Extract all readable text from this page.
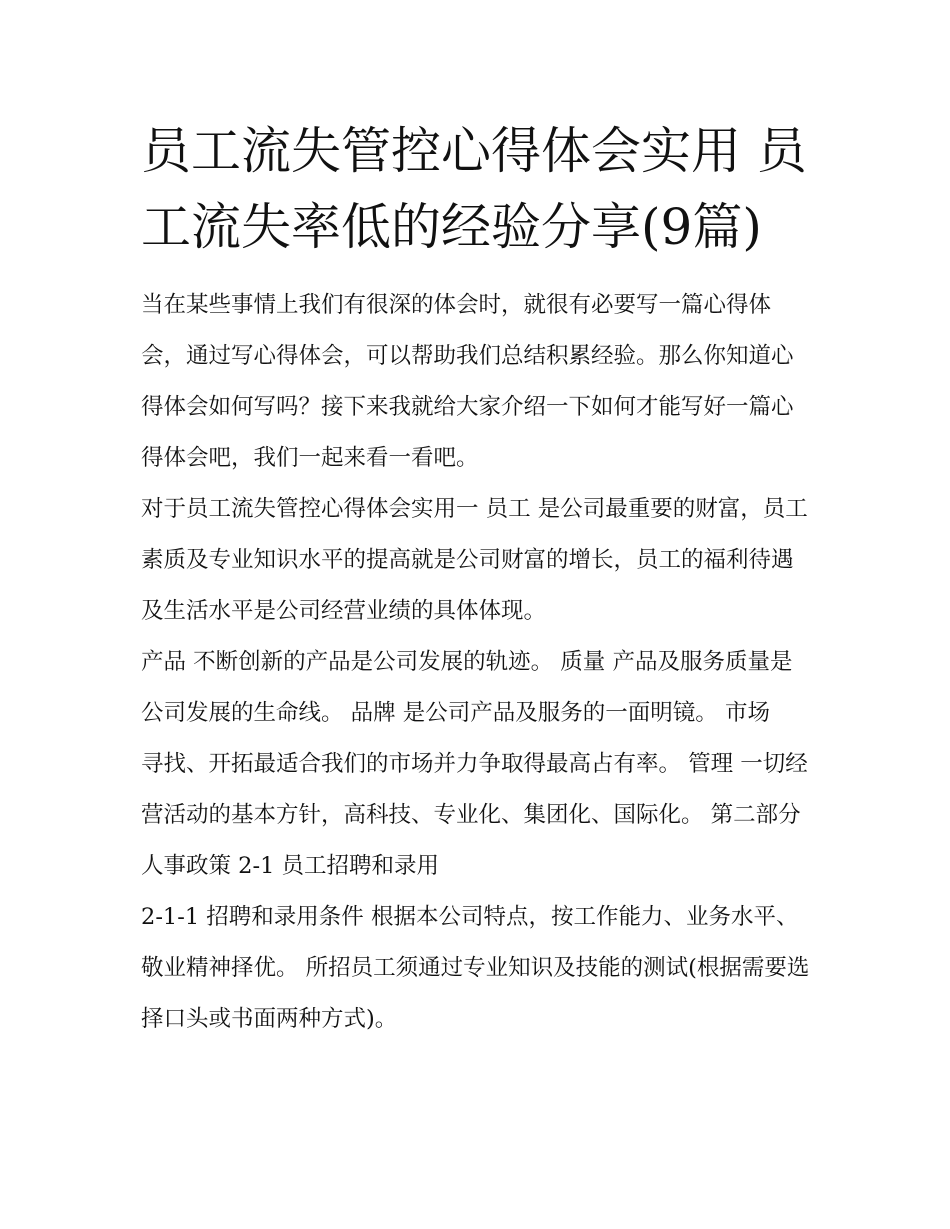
员工流失管控心得体会实用 员工流失率低的经验分享(9篇)

当在某些事情上我们有很深的体会时，就很有必要写一篇心得体会，通过写心得体会，可以帮助我们总结积累经验。那么你知道心得体会如何写吗？接下来我就给大家介绍一下如何才能写好一篇心得体会吧，我们一起来看一看吧。

对于员工流失管控心得体会实用一 员工 是公司最重要的财富，员工素质及专业知识水平的提高就是公司财富的增长，员工的福利待遇及生活水平是公司经营业绩的具体体现。

产品 不断创新的产品是公司发展的轨迹。 质量 产品及服务质量是公司发展的生命线。 品牌 是公司产品及服务的一面明镜。 市场

寻找、开拓最适合我们的市场并力争取得最高占有率。 管理 一切经营活动的基本方针，高科技、专业化、集团化、国际化。 第二部分 人事政策 2-1 员工招聘和录用

2-1-1 招聘和录用条件 根据本公司特点，按工作能力、业务水平、敬业精神择优。 所招员工须通过专业知识及技能的测试(根据需要选择口头或书面两种方式)。
